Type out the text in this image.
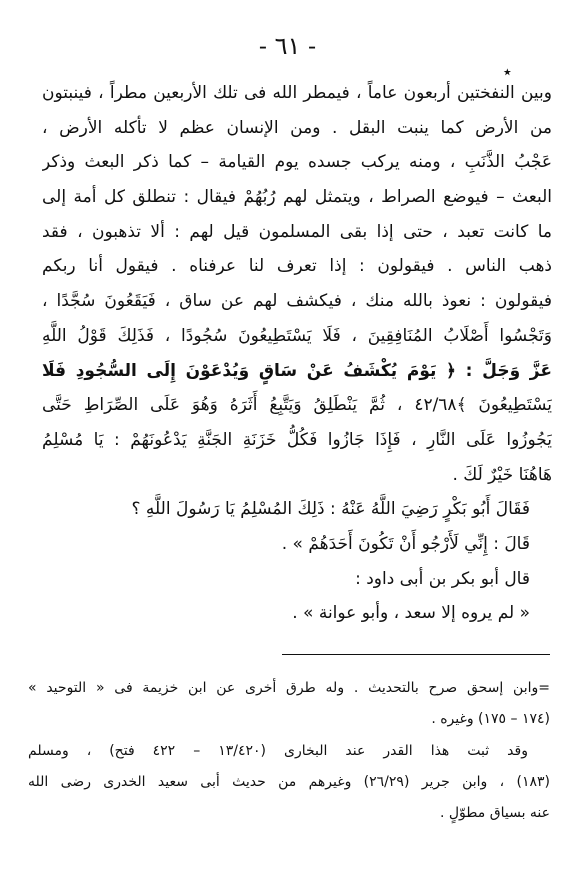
- ٦١ -
٭
وبين النفختين أربعون عاماً ، فيمطر الله فى تلك الأربعين مطراً ، فينبتون
من الأرض كما ينبت البقل . ومن الإنسان عظم لا تأكله الأرض ،
عَجْبُ الذَّنَبِ ، ومنه يركب جسده يوم القيامة – كما ذكر البعث وذكر
البعث – فيوضع الصراط ، ويتمثل لهم رُبُهُمْ فيقال : تنطلق كل أمة إلى
ما كانت تعبد ، حتى إذا بقى المسلمون قيل لهم : ألا تذهبون ، فقد
ذهب الناس . فيقولون : إذا تعرف لنا عرفناه . فيقول أنا ربكم
فيقولون : نعوذ بالله منك ، فيكشف لهم عن ساق ، فَيَقَعُونَ سُجَّدًا ،
وَتَجْسُوا أَصْلَابُ المُنَافِقِينَ ، فَلَا يَسْتَطِيعُونَ سُجُودًا ، فَذَلِكَ قَوْلُ اللَّهِ
عَزَّ وَجَلَّ : ﴿ يَوْمَ يُكْشَفُ عَنْ سَاقٍ وَيُدْعَوْنَ إِلَى السُّجُودِ فَلَا
يَسْتَطِيعُونَ ﴾٤٢/٦٨ ، ثُمَّ يَنْطَلِقُ وَيَتَّبِعُ أَثَرَهُ وَهُوَ عَلَى الصِّرَاطِ حَتَّى
يَجُوزُوا عَلَى النَّارِ ، فَإِذَا جَازُوا فَكُلُّ خَزَنَةِ الجَنَّةِ يَدْعُونَهُمْ : يَا مُسْلِمُ
هَاهُنَا خَيْرٌ لَكَ .
فَقَالَ أَبُو بَكْرٍ رَضِيَ اللَّهُ عَنْهُ : ذَلِكَ المُسْلِمُ يَا رَسُولَ اللَّهِ ؟
قَالَ : إِنِّي لَأَرْجُو أَنْ تَكُونَ أَحَدَهُمْ » .
قال أبو بكر بن أبى داود :
« لم يروه إلا سعد ، وأبو عوانة » .
=وابن إسحق صرح بالتحديث . وله طرق أخرى عن ابن خزيمة فى « التوحيد »
(١٧٤ – ١٧٥) وغيره .
وقد ثبت هذا القدر عند البخارى (١٣/٤٢٠ – ٤٢٢ فتح) ، ومسلم
(١٨٣) ، وابن جرير (٢٦/٢٩) وغيرهم من حديث أبى سعيد الخدرى رضى الله
عنه بسياق مطوّلٍ .
